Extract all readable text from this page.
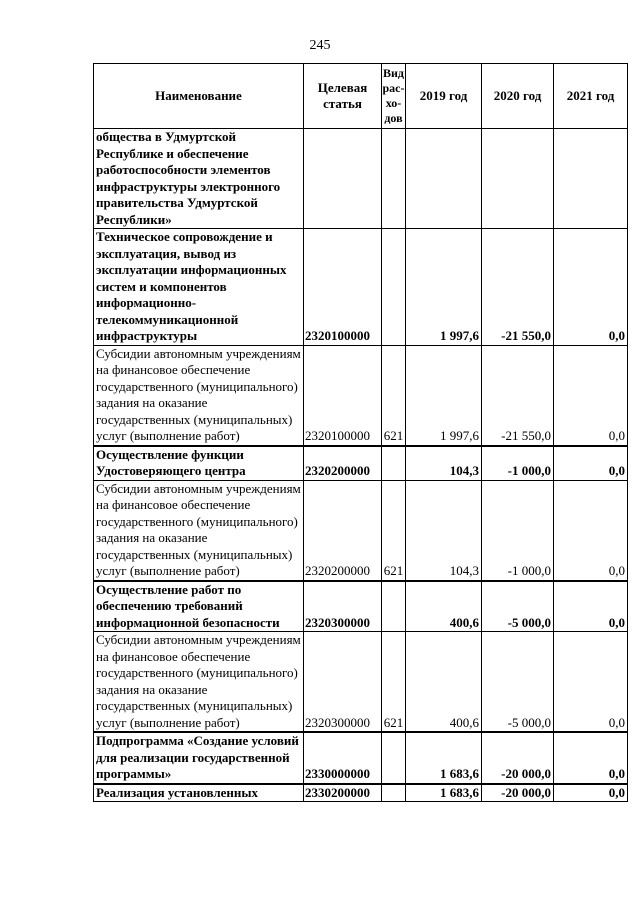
245
Наименование	Целевая статья	Вид рас-хо-дов	2019 год	2020 год	2021 год
общества в Удмуртской Республике и обеспечение работоспособности элементов инфраструктуры электронного правительства Удмуртской Республики»					
Техническое сопровождение и эксплуатация, вывод из эксплуатации информационных систем и компонентов информационно-телекоммуникационной инфраструктуры	2320100000		1 997,6	-21 550,0	0,0
Субсидии автономным учреждениям на финансовое обеспечение государственного (муниципального) задания на оказание государственных (муниципальных) услуг (выполнение работ)	2320100000	621	1 997,6	-21 550,0	0,0
Осуществление функции Удостоверяющего центра	2320200000		104,3	-1 000,0	0,0
Субсидии автономным учреждениям на финансовое обеспечение государственного (муниципального) задания на оказание государственных (муниципальных) услуг (выполнение работ)	2320200000	621	104,3	-1 000,0	0,0
Осуществление работ по обеспечению требований информационной безопасности	2320300000		400,6	-5 000,0	0,0
Субсидии автономным учреждениям на финансовое обеспечение государственного (муниципального) задания на оказание государственных (муниципальных) услуг (выполнение работ)	2320300000	621	400,6	-5 000,0	0,0
Подпрограмма «Создание условий для реализации государственной программы»	2330000000		1 683,6	-20 000,0	0,0
Реализация установленных	2330200000		1 683,6	-20 000,0	0,0
